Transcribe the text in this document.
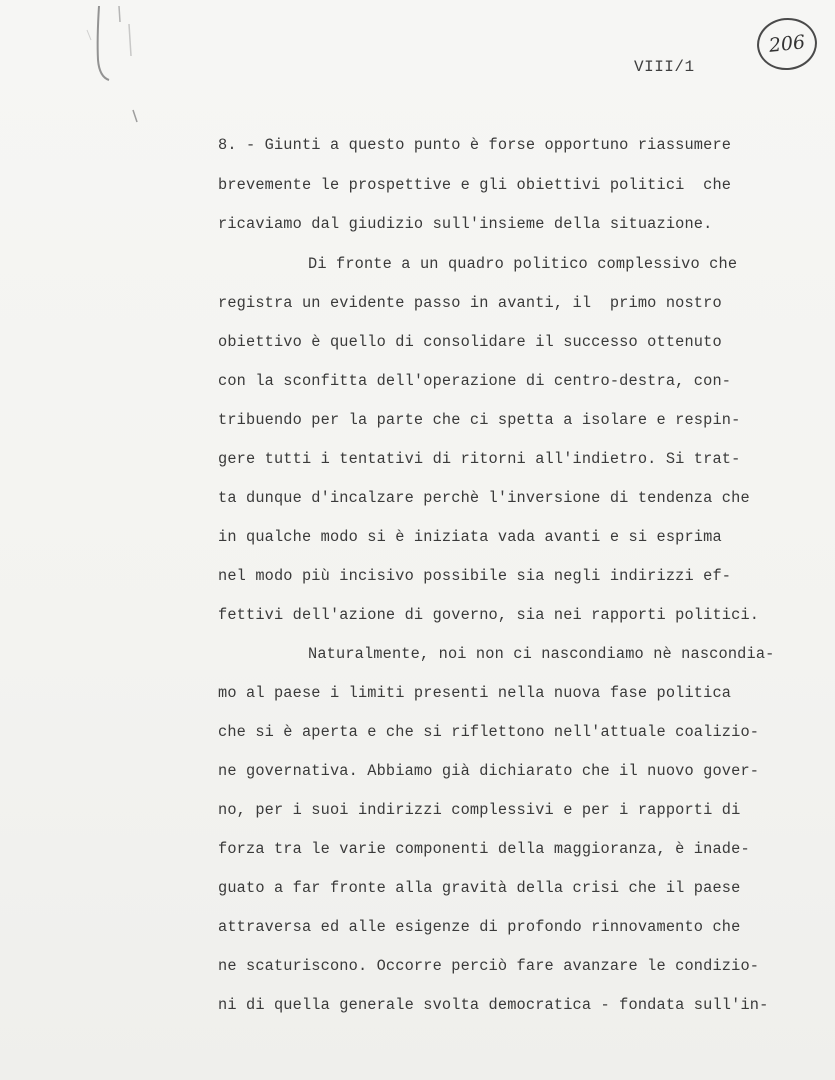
206
VIII/1
8. - Giunti a questo punto è forse opportuno riassumere
brevemente le prospettive e gli obiettivi politici  che
ricaviamo dal giudizio sull'insieme della situazione.
Di fronte a un quadro politico complessivo che
registra un evidente passo in avanti, il  primo nostro
obiettivo è quello di consolidare il successo ottenuto
con la sconfitta dell'operazione di centro-destra, con-
tribuendo per la parte che ci spetta a isolare e respin-
gere tutti i tentativi di ritorni all'indietro. Si trat-
ta dunque d'incalzare perchè l'inversione di tendenza che
in qualche modo si è iniziata vada avanti e si esprima
nel modo più incisivo possibile sia negli indirizzi ef-
fettivi dell'azione di governo, sia nei rapporti politici.
Naturalmente, noi non ci nascondiamo nè nascondia-
mo al paese i limiti presenti nella nuova fase politica
che si è aperta e che si riflettono nell'attuale coalizio-
ne governativa. Abbiamo già dichiarato che il nuovo gover-
no, per i suoi indirizzi complessivi e per i rapporti di
forza tra le varie componenti della maggioranza, è inade-
guato a far fronte alla gravità della crisi che il paese
attraversa ed alle esigenze di profondo rinnovamento che
ne scaturiscono. Occorre perciò fare avanzare le condizio-
ni di quella generale svolta democratica - fondata sull'in-
